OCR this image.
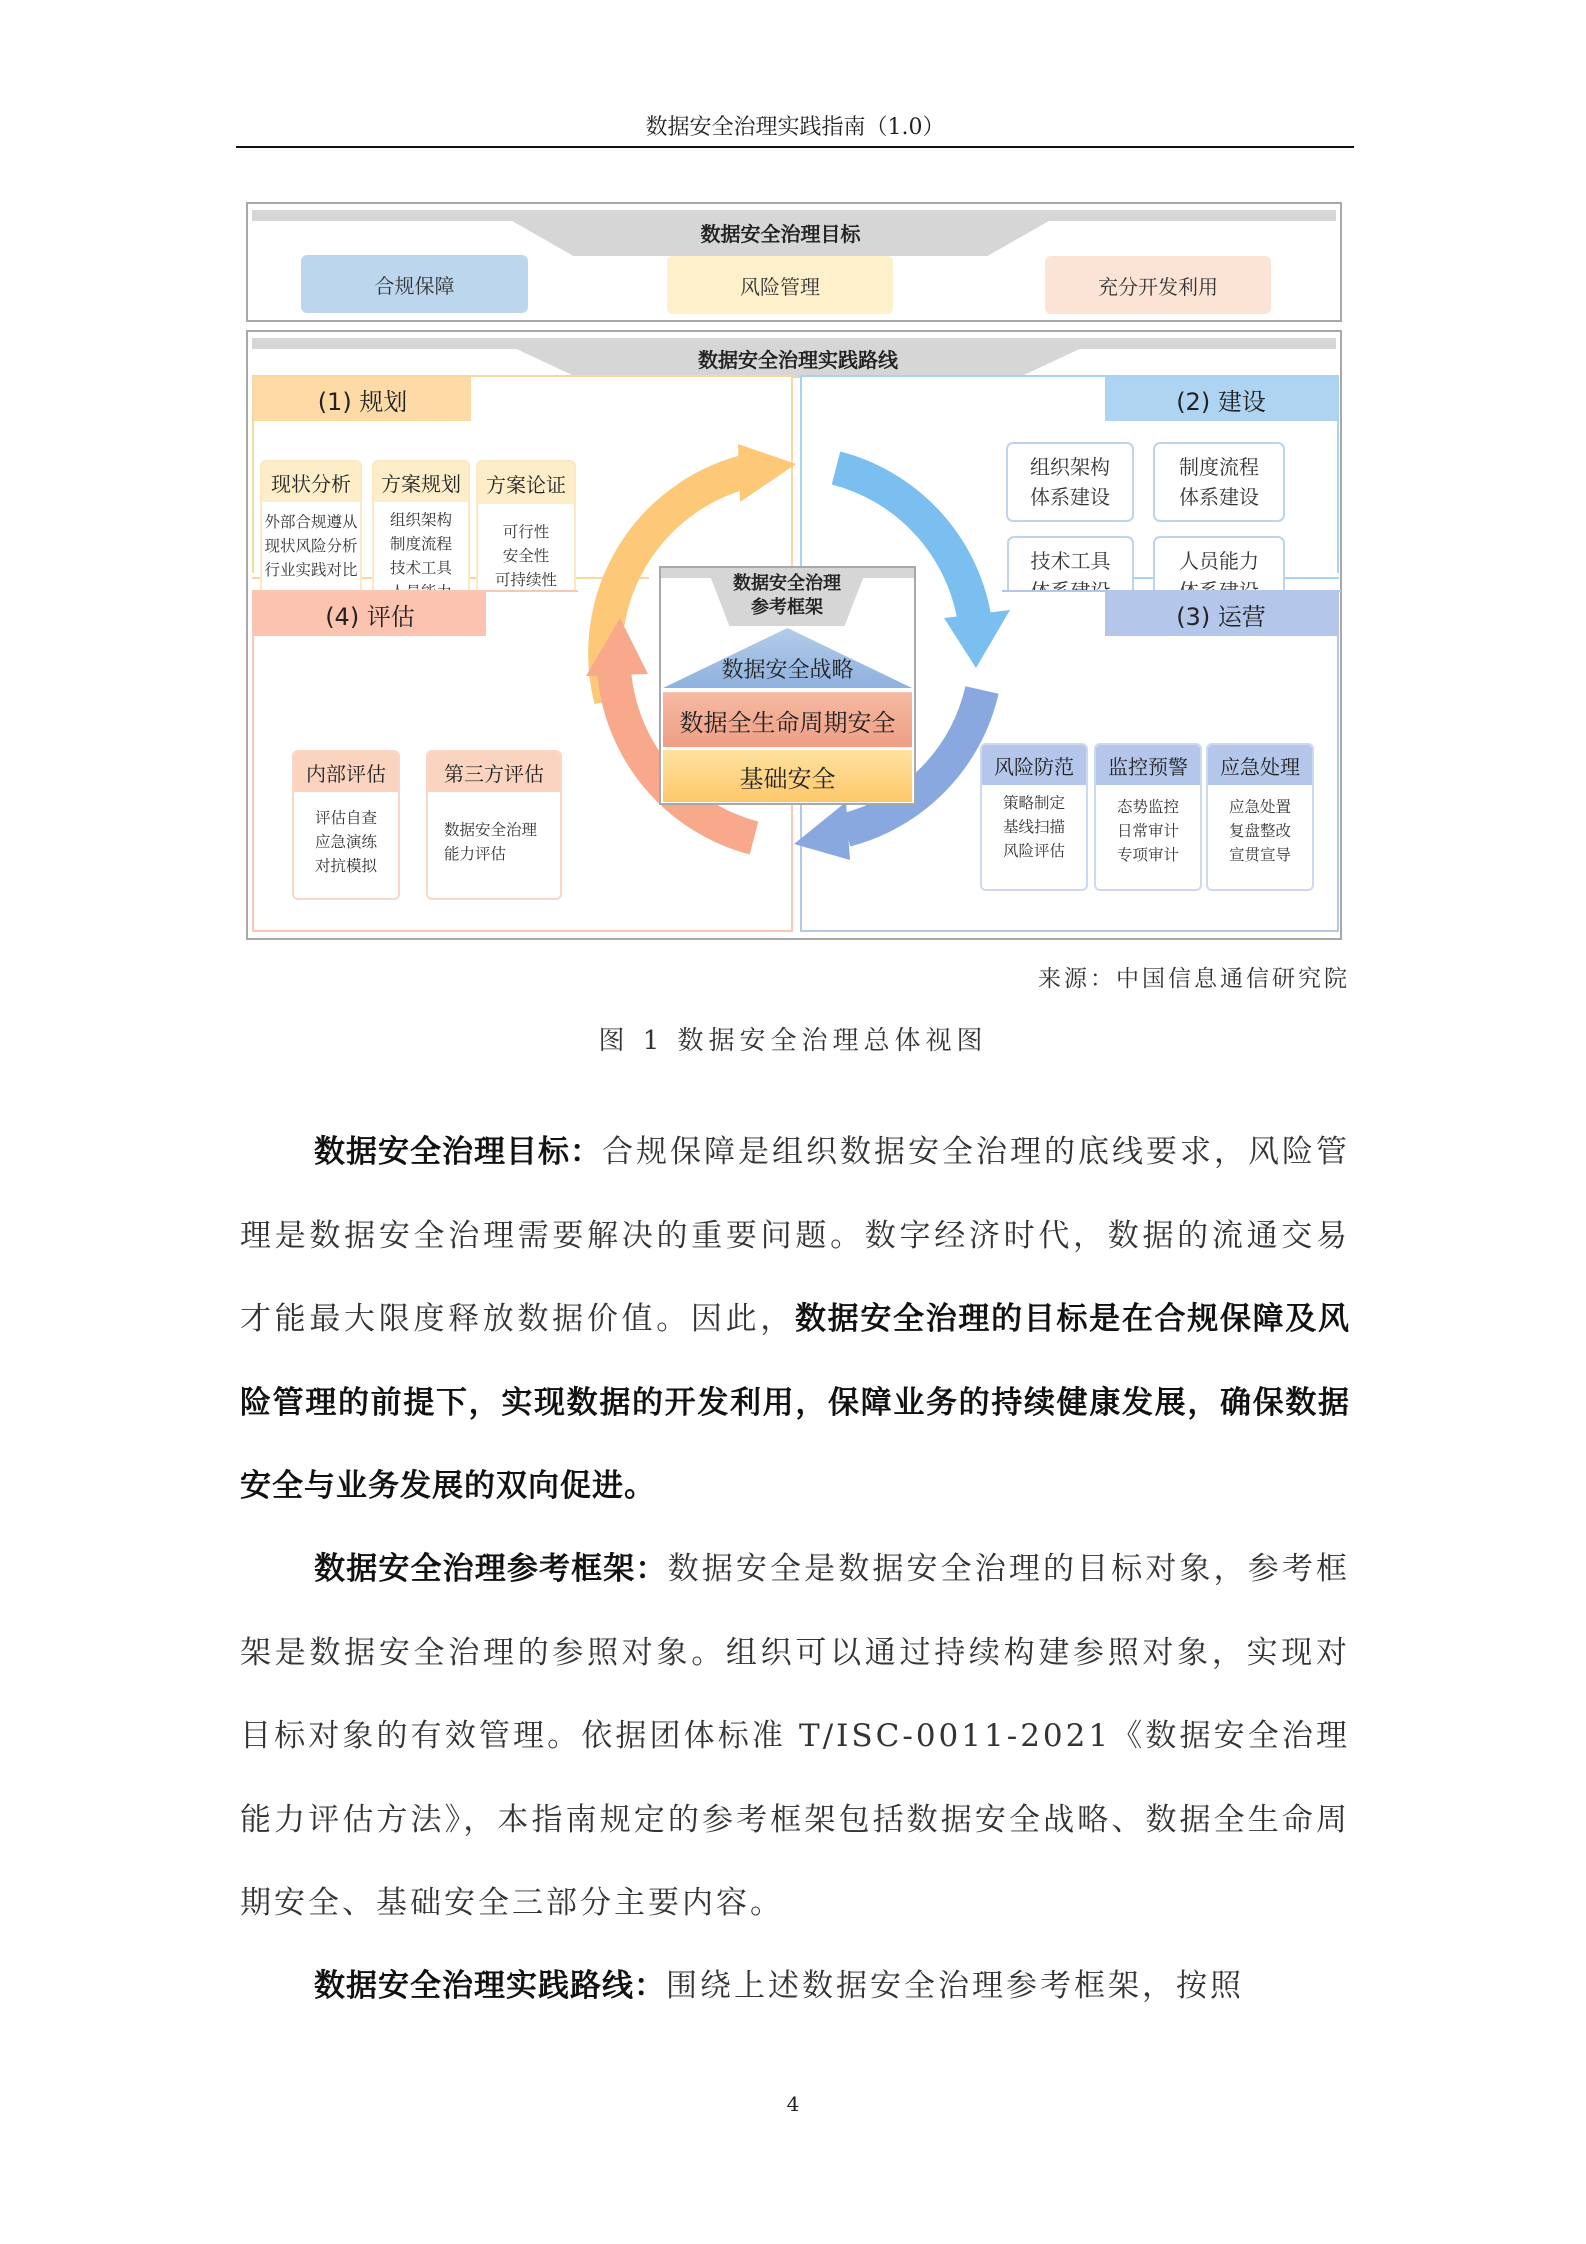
数据安全治理实践指南（1.0）
数据安全治理目标
合规保障	风险管理	充分开发利用
数据安全治理实践路线
(1) 规划
现状分析
外部合规遵从
现状风险分析
行业实践对比
方案规划
组织架构
制度流程
技术工具
方案论证
可行性
安全性
可持续性
(2) 建设
组织架构
体系建设
制度流程
体系建设
技术工具	人员能力
(4) 评估
内部评估
评估自查
应急演练
对抗模拟
第三方评估
数据安全治理
能力评估
(3) 运营
风险防范
策略制定
基线扫描
风险评估
监控预警
态势监控
日常审计
专项审计
应急处理
应急处置
复盘整改
宣贯宣导
数据安全治理
参考框架
数据安全战略
数据全生命周期安全
基础安全
来源：中国信息通信研究院
图 1 数据安全治理总体视图
数据安全治理目标：合规保障是组织数据安全治理的底线要求，风险管理是数据安全治理需要解决的重要问题。数字经济时代，数据的流通交易才能最大限度释放数据价值。因此，数据安全治理的目标是在合规保障及风险管理的前提下，实现数据的开发利用，保障业务的持续健康发展，确保数据安全与业务发展的双向促进。
数据安全治理参考框架：数据安全是数据安全治理的目标对象，参考框架是数据安全治理的参照对象。组织可以通过持续构建参照对象，实现对目标对象的有效管理。依据团体标准 T/ISC-0011-2021《数据安全治理能力评估方法》，本指南规定的参考框架包括数据安全战略、数据全生命周期安全、基础安全三部分主要内容。
数据安全治理实践路线：围绕上述数据安全治理参考框架，按照
4
